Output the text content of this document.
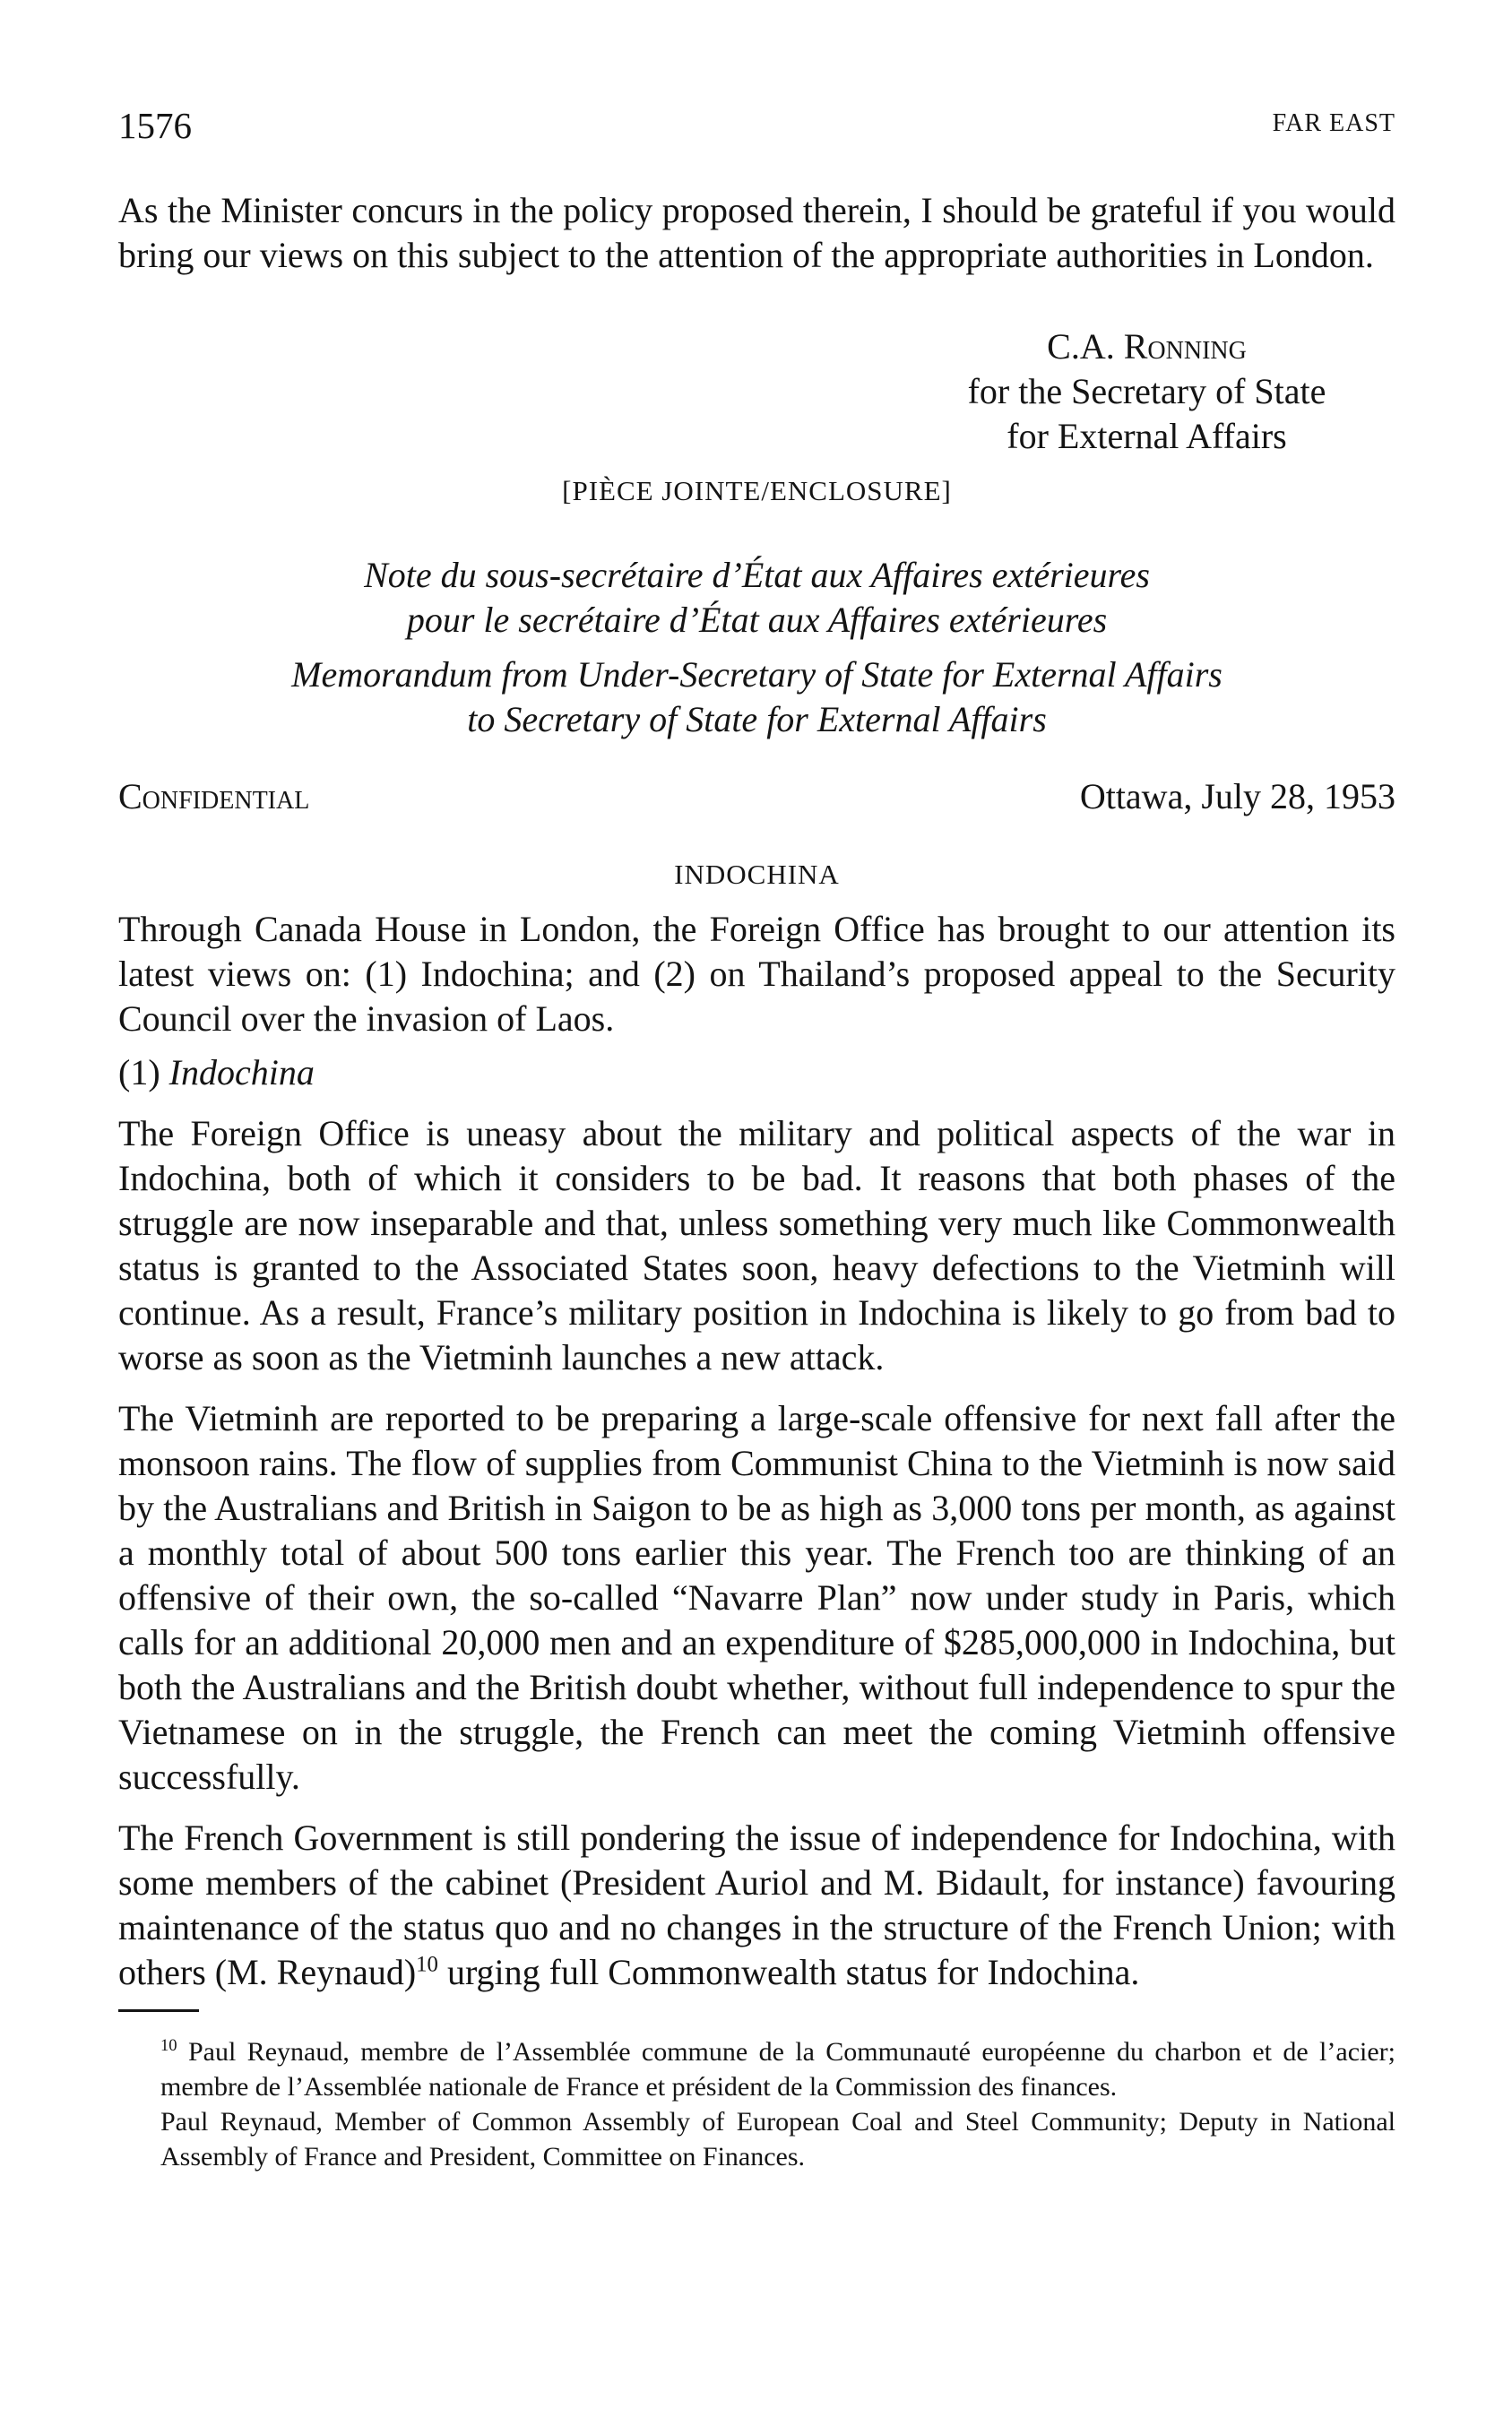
1576	FAR EAST

As the Minister concurs in the policy proposed therein, I should be grateful if you would bring our views on this subject to the attention of the appropriate authorities in London.

C.A. Ronning
for the Secretary of State
for External Affairs
[PIÈCE JOINTE/ENCLOSURE]
Note du sous-secrétaire d’État aux Affaires extérieures
pour le secrétaire d’État aux Affaires extérieures
Memorandum from Under-Secretary of State for External Affairs
to Secretary of State for External Affairs
Confidential	Ottawa, July 28, 1953
INDOCHINA

Through Canada House in London, the Foreign Office has brought to our attention its latest views on: (1) Indochina; and (2) on Thailand’s proposed appeal to the Security Council over the invasion of Laos.

(1) Indochina

The Foreign Office is uneasy about the military and political aspects of the war in Indochina, both of which it considers to be bad. It reasons that both phases of the struggle are now inseparable and that, unless something very much like Commonwealth status is granted to the Associated States soon, heavy defections to the Vietminh will continue. As a result, France’s military position in Indochina is likely to go from bad to worse as soon as the Vietminh launches a new attack.

The Vietminh are reported to be preparing a large-scale offensive for next fall after the monsoon rains. The flow of supplies from Communist China to the Vietminh is now said by the Australians and British in Saigon to be as high as 3,000 tons per month, as against a monthly total of about 500 tons earlier this year. The French too are thinking of an offensive of their own, the so-called “Navarre Plan” now under study in Paris, which calls for an additional 20,000 men and an expenditure of $285,000,000 in Indochina, but both the Australians and the British doubt whether, without full independence to spur the Vietnamese on in the struggle, the French can meet the coming Vietminh offensive successfully.

The French Government is still pondering the issue of independence for Indochina, with some members of the cabinet (President Auriol and M. Bidault, for instance) favouring maintenance of the status quo and no changes in the structure of the French Union; with others (M. Reynaud)$^{10}$ urging full Commonwealth status for Indochina.

$^{10}$ Paul Reynaud, membre de l’Assemblée commune de la Communauté européenne du charbon et de l’acier; membre de l’Assemblée nationale de France et président de la Commission des finances.

Paul Reynaud, Member of Common Assembly of European Coal and Steel Community; Deputy in National Assembly of France and President, Committee on Finances.
